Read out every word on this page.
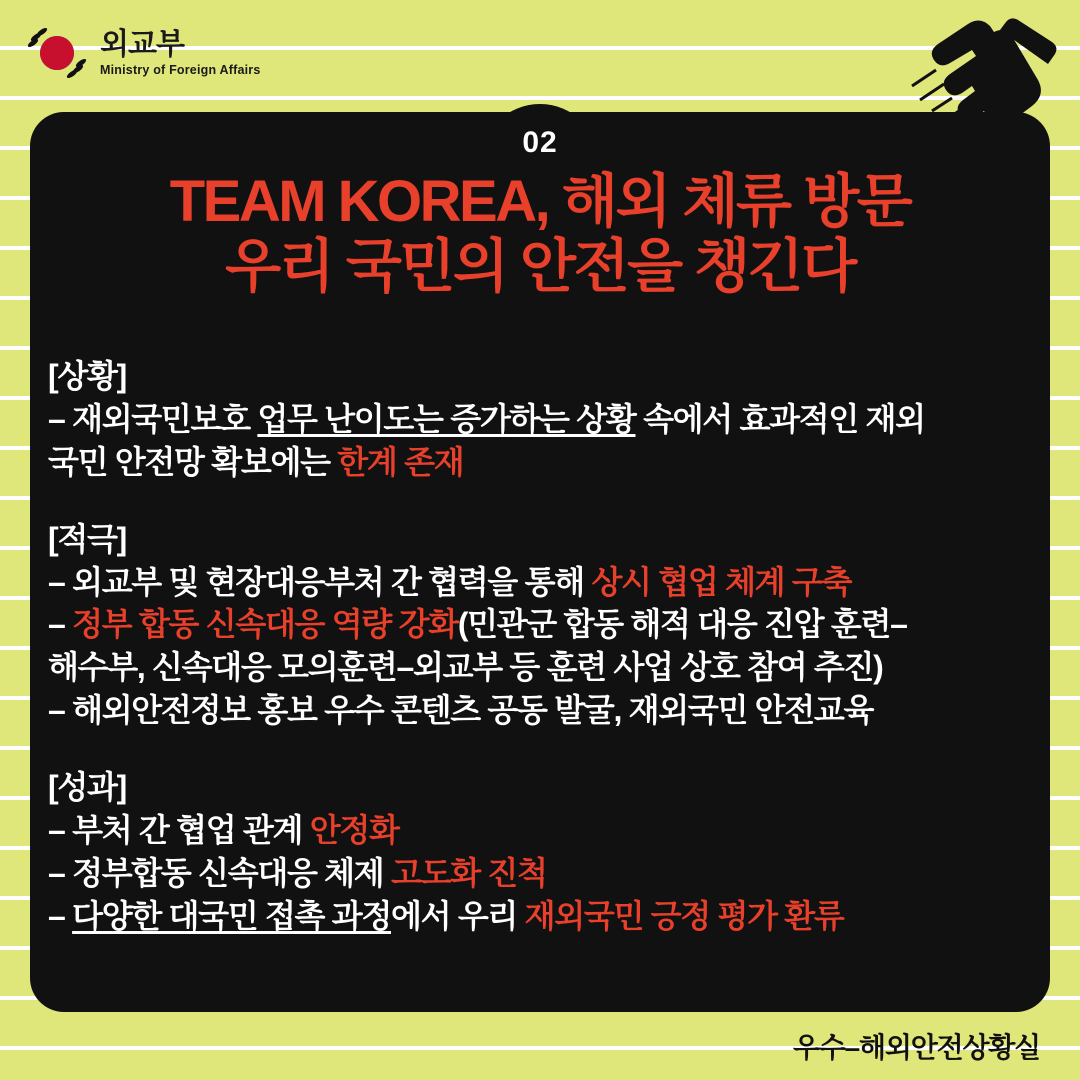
외교부
Ministry of Foreign Affairs
02
TEAM KOREA, 해외 체류 방문
우리 국민의 안전을 챙긴다
[상황]
– 재외국민보호 업무 난이도는 증가하는 상황 속에서 효과적인 재외
국민 안전망 확보에는 한계 존재
[적극]
– 외교부 및 현장대응부처 간 협력을 통해 상시 협업 체계 구축
– 정부 합동 신속대응 역량 강화(민관군 합동 해적 대응 진압 훈련–
해수부, 신속대응 모의훈련–외교부 등 훈련 사업 상호 참여 추진)
– 해외안전정보 홍보 우수 콘텐츠 공동 발굴, 재외국민 안전교육
[성과]
– 부처 간 협업 관계 안정화
– 정부합동 신속대응 체제 고도화 진척
– 다양한 대국민 접촉 과정에서 우리 재외국민 긍정 평가 환류
우수–해외안전상황실
